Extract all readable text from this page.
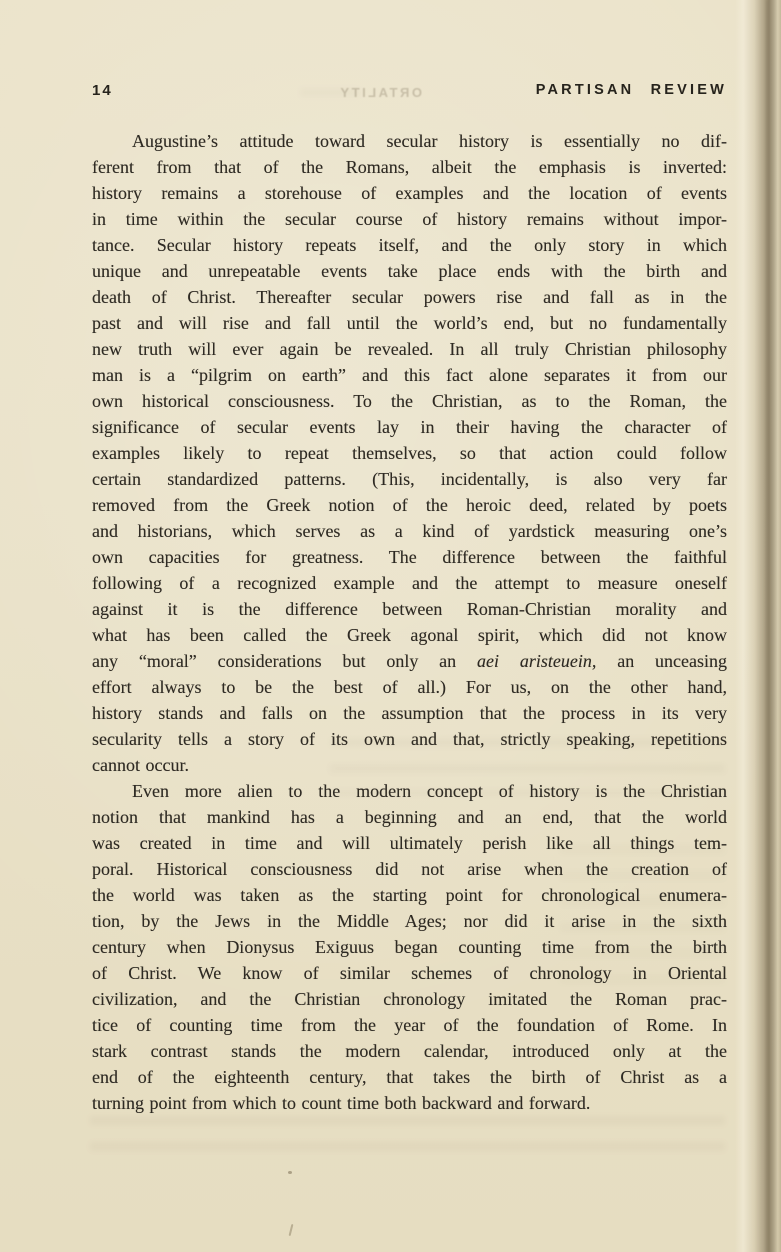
ORTALITY
14	PARTISAN REVIEW
Augustine’s attitude toward secular history is essentially no dif-
ferent from that of the Romans, albeit the emphasis is inverted:
history remains a storehouse of examples and the location of events
in time within the secular course of history remains without impor-
tance. Secular history repeats itself, and the only story in which
unique and unrepeatable events take place ends with the birth and
death of Christ. Thereafter secular powers rise and fall as in the
past and will rise and fall until the world’s end, but no fundamentally
new truth will ever again be revealed. In all truly Christian philosophy
man is a “pilgrim on earth” and this fact alone separates it from our
own historical consciousness. To the Christian, as to the Roman, the
significance of secular events lay in their having the character of
examples likely to repeat themselves, so that action could follow
certain standardized patterns. (This, incidentally, is also very far
removed from the Greek notion of the heroic deed, related by poets
and historians, which serves as a kind of yardstick measuring one’s
own capacities for greatness. The difference between the faithful
following of a recognized example and the attempt to measure oneself
against it is the difference between Roman-Christian morality and
what has been called the Greek agonal spirit, which did not know
any “moral” considerations but only an aei aristeuein, an unceasing
effort always to be the best of all.) For us, on the other hand,
history stands and falls on the assumption that the process in its very
secularity tells a story of its own and that, strictly speaking, repetitions
cannot occur.
Even more alien to the modern concept of history is the Christian
notion that mankind has a beginning and an end, that the world
was created in time and will ultimately perish like all things tem-
poral. Historical consciousness did not arise when the creation of
the world was taken as the starting point for chronological enumera-
tion, by the Jews in the Middle Ages; nor did it arise in the sixth
century when Dionysus Exiguus began counting time from the birth
of Christ. We know of similar schemes of chronology in Oriental
civilization, and the Christian chronology imitated the Roman prac-
tice of counting time from the year of the foundation of Rome. In
stark contrast stands the modern calendar, introduced only at the
end of the eighteenth century, that takes the birth of Christ as a
turning point from which to count time both backward and forward.
